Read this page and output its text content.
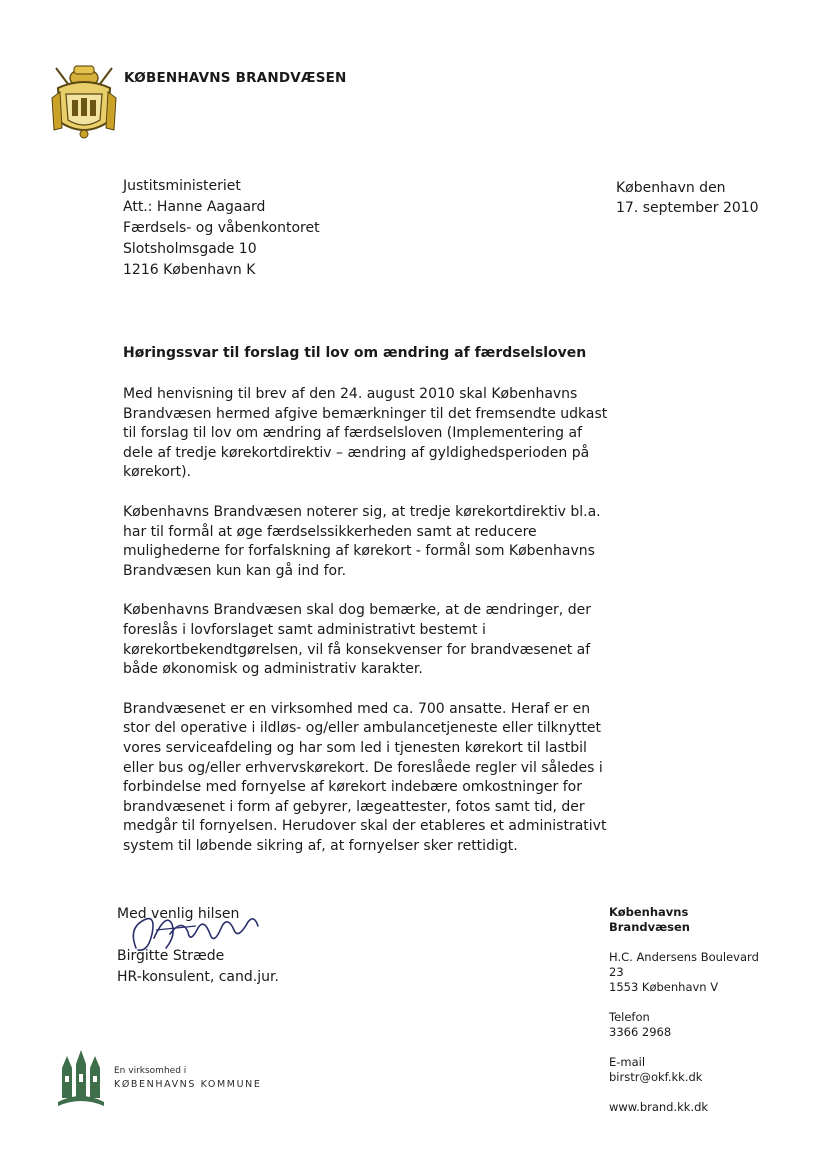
KØBENHAVNS BRANDVÆSEN
Justitsministeriet
Att.: Hanne Aagaard
Færdsels- og våbenkontoret
Slotsholmsgade 10
1216 København K
København den
17. september 2010
Høringssvar til forslag til lov om ændring af færdselsloven

Med henvisning til brev af den 24. august 2010 skal Københavns
Brandvæsen hermed afgive bemærkninger til det fremsendte udkast
til forslag til lov om ændring af færdselsloven (Implementering af
dele af tredje kørekortdirektiv – ændring af gyldighedsperioden på
kørekort).

Københavns Brandvæsen noterer sig, at tredje kørekortdirektiv bl.a.
har til formål at øge færdselssikkerheden samt at reducere
mulighederne for forfalskning af kørekort - formål som Københavns
Brandvæsen kun kan gå ind for.

Københavns Brandvæsen skal dog bemærke, at de ændringer, der
foreslås i lovforslaget samt administrativt bestemt i
kørekortbekendtgørelsen, vil få konsekvenser for brandvæsenet af
både økonomisk og administrativ karakter.

Brandvæsenet er en virksomhed med ca. 700 ansatte. Heraf er en
stor del operative i ildløs- og/eller ambulancetjeneste eller tilknyttet
vores serviceafdeling og har som led i tjenesten kørekort til lastbil
eller bus og/eller erhvervskørekort. De foreslåede regler vil således i
forbindelse med fornyelse af kørekort indebære omkostninger for
brandvæsenet i form af gebyrer, lægeattester, fotos samt tid, der
medgår til fornyelsen. Herudover skal der etableres et administrativt
system til løbende sikring af, at fornyelser sker rettidigt.

Med venlig hilsen
Birgitte Stræde
HR-konsulent, cand.jur.
Københavns
Brandvæsen
H.C. Andersens Boulevard
23
1553 København V
Telefon
3366 2968
E-mail
birstr@okf.kk.dk
www.brand.kk.dk
En virksomhed i
KØBENHAVNS KOMMUNE
